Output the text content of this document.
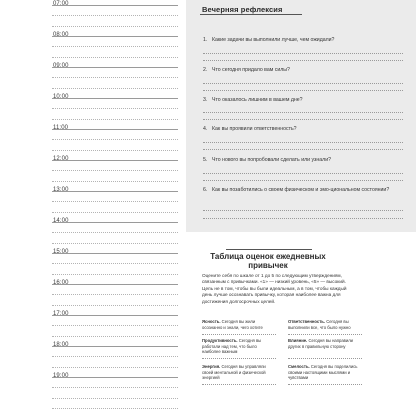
07:00
08:00
09:00
10:00
11:00
12:00
13:00
14:00
15:00
16:00
17:00
18:00
19:00
Вечерняя рефлексия
1. Какие задачи вы выполнили лучше, чем ожидали?
2. Что сегодня придало вам силы?
3. Что оказалось лишним в вашем дне?
4. Как вы проявили ответственность?
5. Что нового вы попробовали сделать или узнали?
6. Как вы позаботились о своем физическом и эмо-циональном состоянии?
Таблица оценок ежедневных привычек
Оцените себя по шкале от 1 до 5 по следующим утверждениям, связанным с привычками. «1» — низкий уровень, «5» — высокий. Цель не в том, чтобы вы были идеальным, а в том, чтобы каждый день лучше осознавать привычку, которая наиболее важна для достижения долгосрочных целей.
Ясность. Сегодня вы жили осознанно и знали, чего хотите
Ответственность. Сегодня вы выполнили все, что было нужно
Продуктивность. Сегодня вы работали над тем, что было наиболее важным
Влияние. Сегодня вы направили других в правильную сторону
Энергия. Сегодня вы управляли своей ментальной и физической энергией
Смелость. Сегодня вы поделились своими настоящими мыслями и чувствами
